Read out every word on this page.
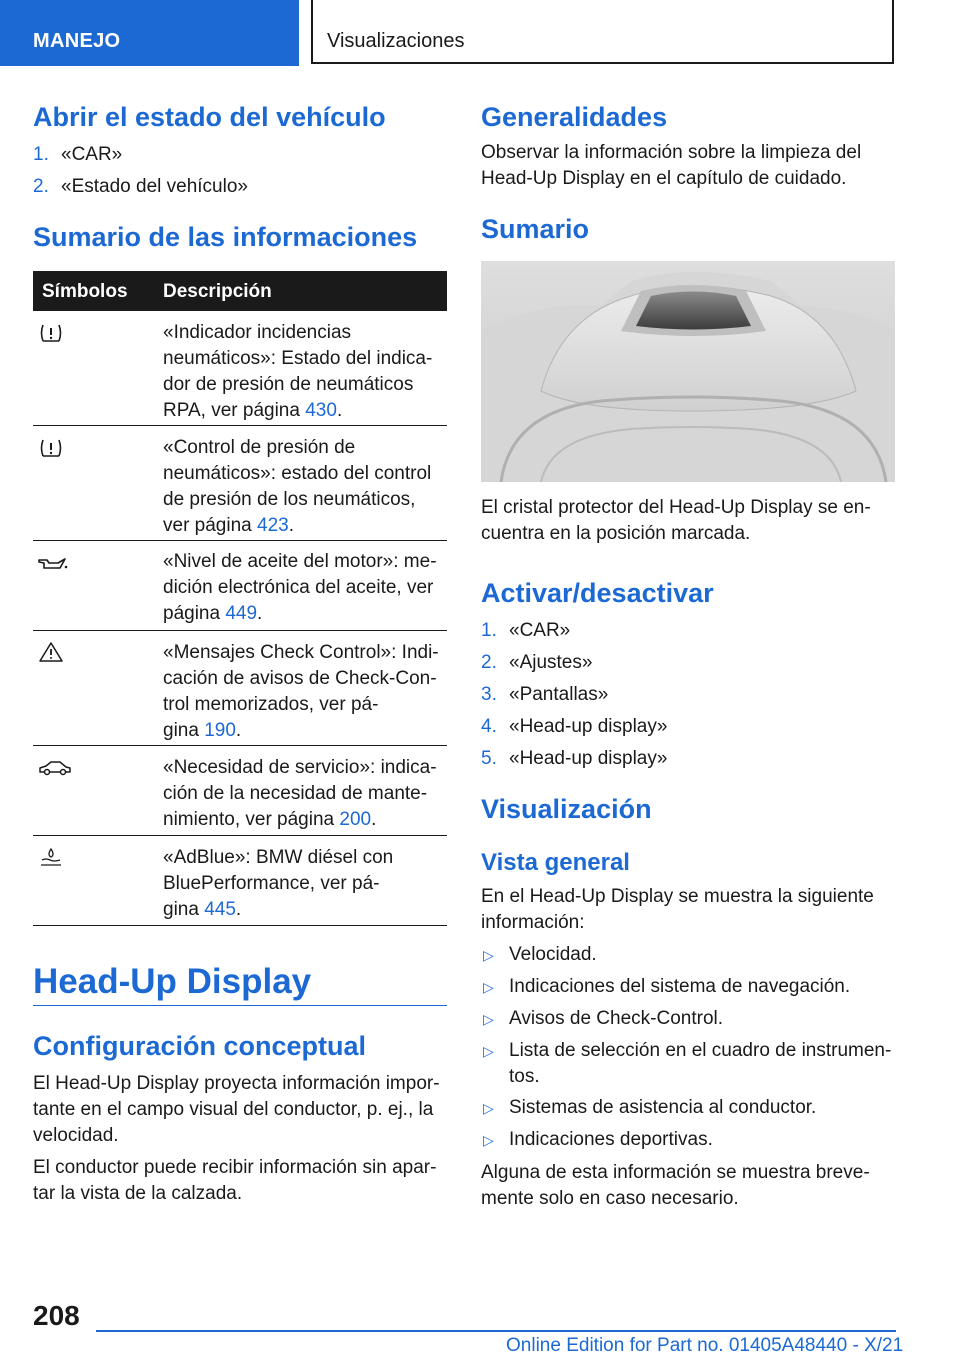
MANEJO	Visualizaciones
Abrir el estado del vehículo
1. «CAR»
2. «Estado del vehículo»
Sumario de las informaciones
Símbolos Descripción
«Indicador incidencias
neumáticos»: Estado del indica-
dor de presión de neumáticos
RPA, ver página 430.
«Control de presión de
neumáticos»: estado del control
de presión de los neumáticos,
ver página 423.
«Nivel de aceite del motor»: me-
dición electrónica del aceite, ver
página 449.
«Mensajes Check Control»: Indi-
cación de avisos de Check-Con-
trol memorizados, ver pá-
gina 190.
«Necesidad de servicio»: indica-
ción de la necesidad de mante-
nimiento, ver página 200.
«AdBlue»: BMW diésel con
BluePerformance, ver pá-
gina 445.
Head-Up Display
Configuración conceptual
El Head-Up Display proyecta información impor-tante en el campo visual del conductor, p. ej., la velocidad.
El conductor puede recibir información sin apar-tar la vista de la calzada.
Generalidades
Observar la información sobre la limpieza del Head-Up Display en el capítulo de cuidado.
Sumario
El cristal protector del Head-Up Display se en-cuentra en la posición marcada.
Activar/desactivar
1. «CAR»
2. «Ajustes»
3. «Pantallas»
4. «Head-up display»
5. «Head-up display»
Visualización
Vista general
En el Head-Up Display se muestra la siguiente información:
▷ Velocidad.
▷ Indicaciones del sistema de navegación.
▷ Avisos de Check-Control.
▷ Lista de selección en el cuadro de instrumen-
tos.
▷ Sistemas de asistencia al conductor.
▷ Indicaciones deportivas.
Alguna de esta información se muestra breve-mente solo en caso necesario.
208
Online Edition for Part no. 01405A48440 - X/21
